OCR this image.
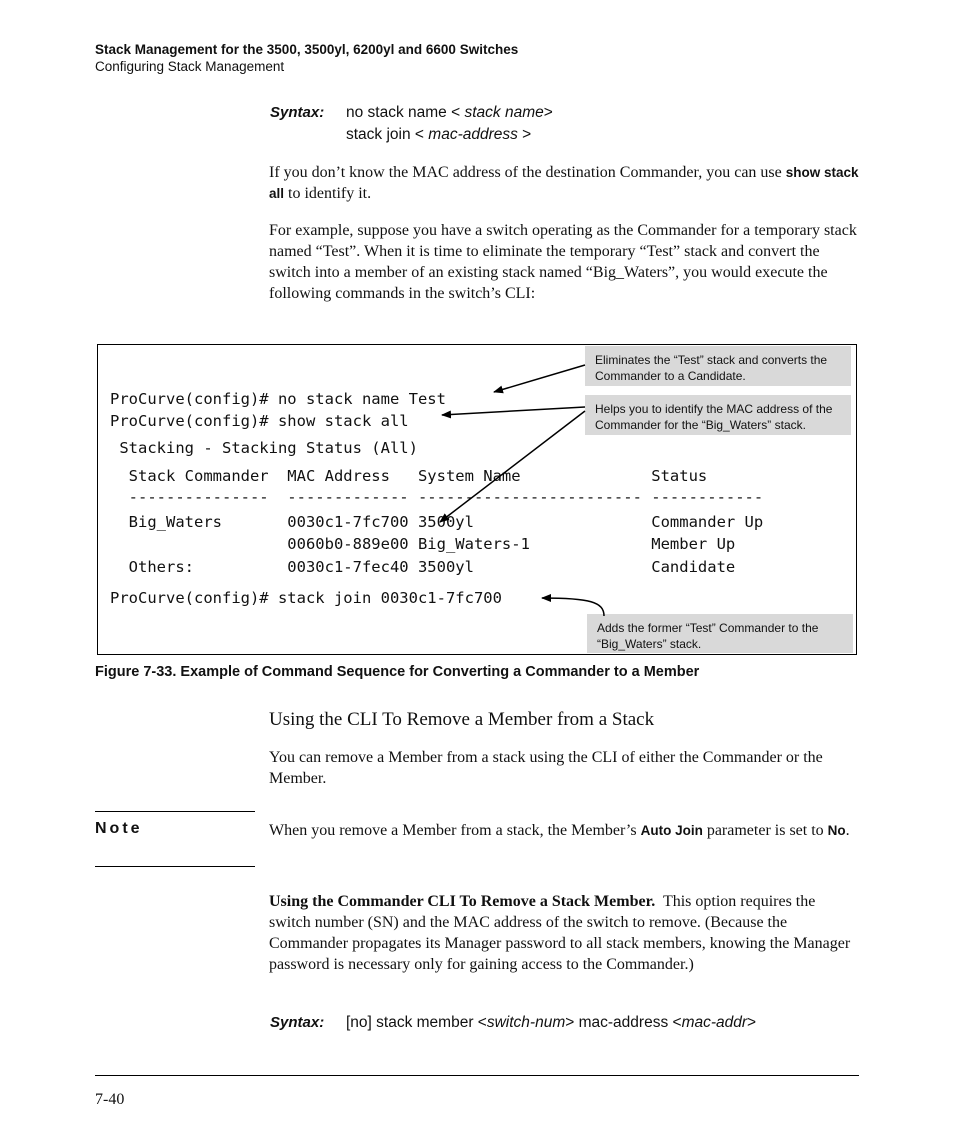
Stack Management for the 3500, 3500yl, 6200yl and 6600 Switches
Configuring Stack Management
Syntax: no stack name < stack name>
stack join < mac-address >
If you don’t know the MAC address of the destination Commander, you can use show stack all to identify it.
For example, suppose you have a switch operating as the Commander for a temporary stack named “Test”. When it is time to eliminate the temporary “Test” stack and convert the switch into a member of an existing stack named “Big_Waters”, you would execute the following commands in the switch’s CLI:
ProCurve(config)# no stack name Test
ProCurve(config)# show stack all
Stacking - Stacking Status (All)
Stack Commander  MAC Address   System Name              Status
---------------  ------------- ------------------------ ------------
Big_Waters       0030c1-7fc700 3500yl                   Commander Up
0060b0-889e00 Big_Waters-1             Member Up
Others:          0030c1-7fec40 3500yl                   Candidate
ProCurve(config)# stack join 0030c1-7fc700
Eliminates the “Test” stack and converts the Commander to a Candidate.
Helps you to identify the MAC address of the Commander for the “Big_Waters” stack.
Adds the former “Test” Commander to the “Big_Waters” stack.
Figure 7-33. Example of Command Sequence for Converting a Commander to a Member
Using the CLI To Remove a Member from a Stack
You can remove a Member from a stack using the CLI of either the Commander or the Member.
Note	When you remove a Member from a stack, the Member’s Auto Join parameter is set to No.
Using the Commander CLI To Remove a Stack Member. This option requires the switch number (SN) and the MAC address of the switch to remove. (Because the Commander propagates its Manager password to all stack members, knowing the Manager password is necessary only for gaining access to the Commander.)
Syntax: [no] stack member <switch-num> mac-address <mac-addr>
7-40
